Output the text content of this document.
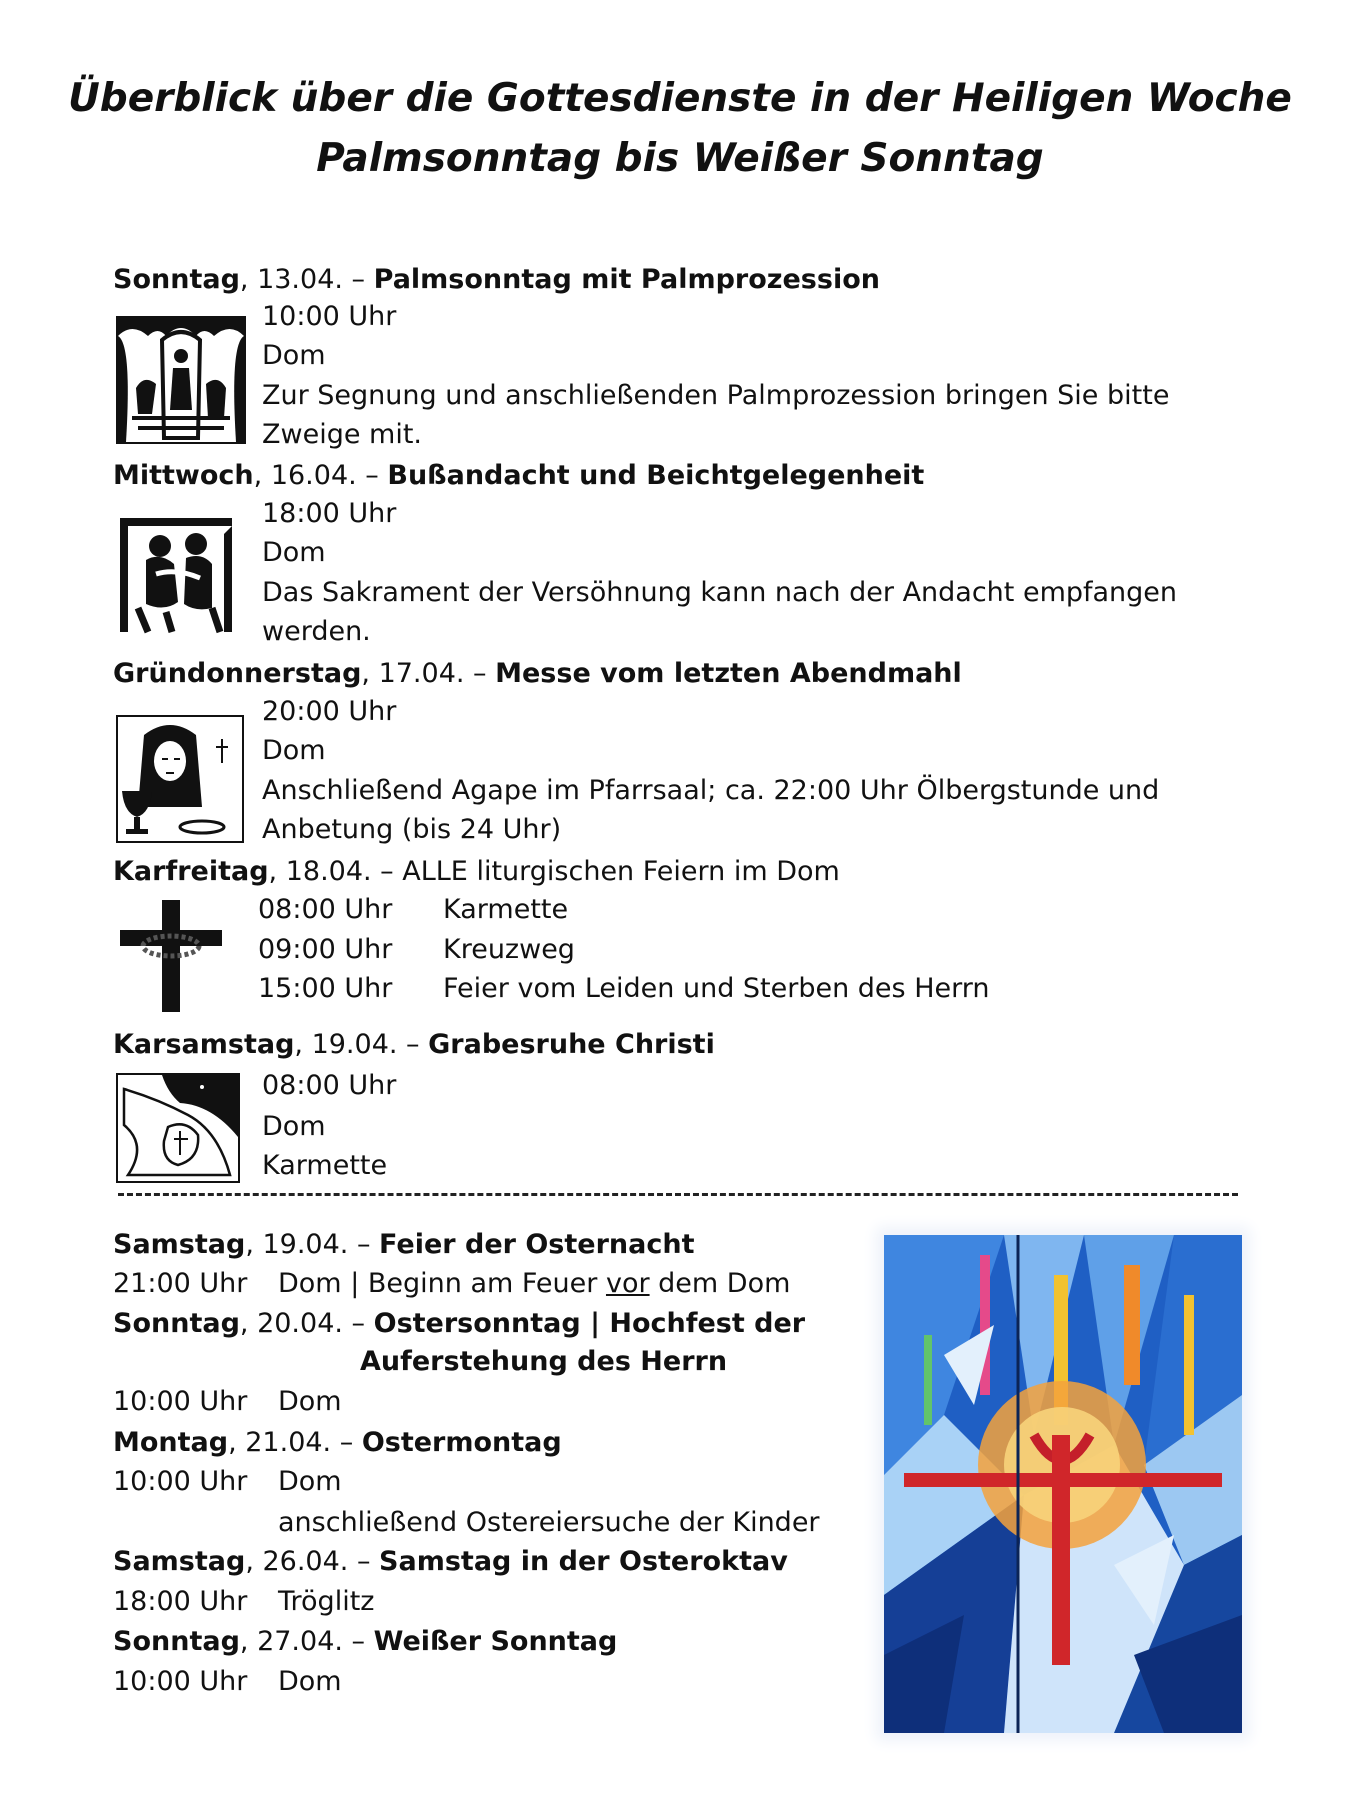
Überblick über die Gottesdienste in der Heiligen Woche
Palmsonntag bis Weißer Sonntag
Sonntag, 13.04. – Palmsonntag mit Palmprozession
10:00 Uhr
Dom
Zur Segnung und anschließenden Palmprozession bringen Sie bitte
Zweige mit.
Mittwoch, 16.04. – Bußandacht und Beichtgelegenheit
18:00 Uhr
Dom
Das Sakrament der Versöhnung kann nach der Andacht empfangen
werden.
Gründonnerstag, 17.04. – Messe vom letzten Abendmahl
20:00 Uhr
Dom
Anschließend Agape im Pfarrsaal; ca. 22:00 Uhr Ölbergstunde und
Anbetung (bis 24 Uhr)
Karfreitag, 18.04. – ALLE liturgischen Feiern im Dom
08:00 Uhr Karmette
09:00 Uhr Kreuzweg
15:00 Uhr Feier vom Leiden und Sterben des Herrn
Karsamstag, 19.04. – Grabesruhe Christi
08:00 Uhr
Dom
Karmette
Samstag, 19.04. – Feier der Osternacht
21:00 Uhr Dom | Beginn am Feuer vor dem Dom
Sonntag, 20.04. – Ostersonntag | Hochfest der
Auferstehung des Herrn
10:00 Uhr Dom
Montag, 21.04. – Ostermontag
10:00 Uhr Dom
anschließend Ostereiersuche der Kinder
Samstag, 26.04. – Samstag in der Osteroktav
18:00 Uhr Tröglitz
Sonntag, 27.04. – Weißer Sonntag
10:00 Uhr Dom
